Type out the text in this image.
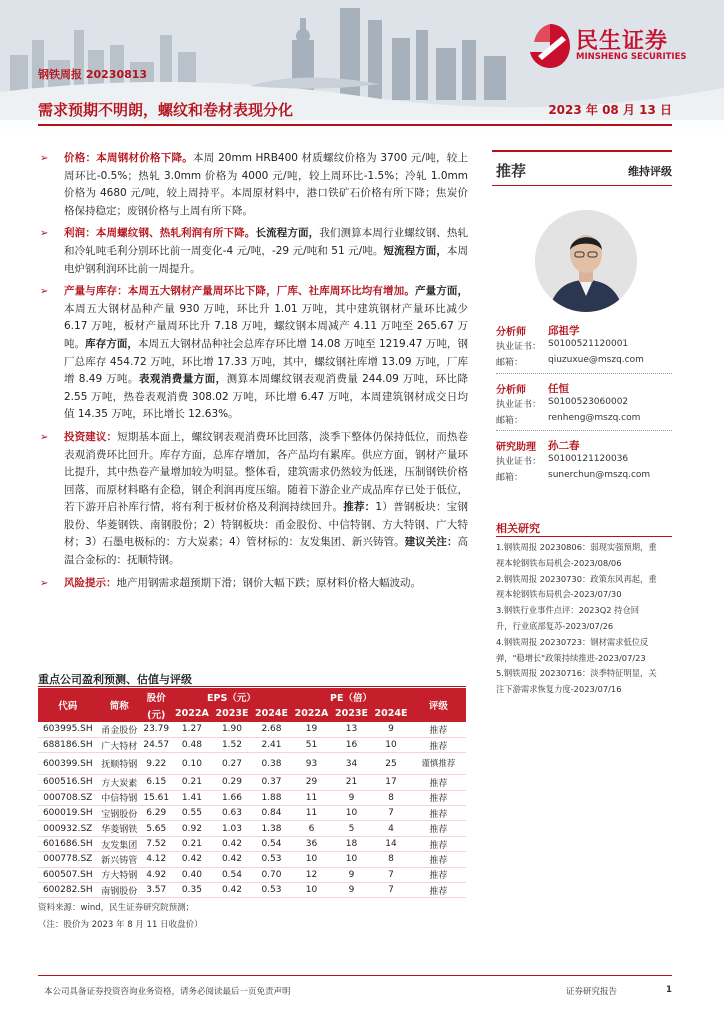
民生证券
MINSHENG SECURITIES
钢铁周报 20230813
需求预期不明朗，螺纹和卷材表现分化	2023 年 08 月 13 日
➢ 价格：本周钢材价格下降。本周 20mm HRB400 材质螺纹价格为 3700 元/吨，较上周环比-0.5%；热轧 3.0mm 价格为 4000 元/吨，较上周环比-1.5%；冷轧 1.0mm 价格为 4680 元/吨，较上周持平。本周原材料中，港口铁矿石价格有所下降；焦炭价格保持稳定；废钢价格与上周有所下降。
➢ 利润：本周螺纹钢、热轧利润有所下降。长流程方面，我们测算本周行业螺纹钢、热轧和冷轧吨毛利分别环比前一周变化-4 元/吨，-29 元/吨和 51 元/吨。短流程方面，本周电炉钢利润环比前一周提升。
➢ 产量与库存：本周五大钢材产量周环比下降，厂库、社库周环比均有增加。产量方面，本周五大钢材品种产量 930 万吨，环比升 1.01 万吨，其中建筑钢材产量环比减少 6.17 万吨，板材产量周环比升 7.18 万吨，螺纹钢本周减产 4.11 万吨至 265.67 万吨。库存方面，本周五大钢材品种社会总库存环比增 14.08 万吨至 1219.47 万吨，钢厂总库存 454.72 万吨，环比增 17.33 万吨，其中，螺纹钢社库增 13.09 万吨，厂库增 8.49 万吨。表观消费量方面，测算本周螺纹钢表观消费量 244.09 万吨，环比降 2.55 万吨，热卷表观消费 308.02 万吨，环比增 6.47 万吨，本周建筑钢材成交日均值 14.35 万吨，环比增长 12.63%。
➢ 投资建议：短期基本面上，螺纹钢表观消费环比回落，淡季下整体仍保持低位，而热卷表观消费环比回升。库存方面，总库存增加，各产品均有累库。供应方面，钢材产量环比提升，其中热卷产量增加较为明显。整体看，建筑需求仍然较为低迷，压制钢铁价格回落，而原材料略有企稳，钢企利润再度压缩。随着下游企业产成品库存已处于低位，若下游开启补库行情，将有利于板材价格及利润持续回升。推荐：1）普钢板块：宝钢股份、华菱钢铁、南钢股份；2）特钢板块：甬金股份、中信特钢、方大特钢、广大特材；3）石墨电极标的：方大炭素；4）管材标的：友发集团、新兴铸管。建议关注：高温合金标的：抚顺特钢。
➢ 风险提示：地产用钢需求超预期下滑；钢价大幅下跌；原材料价格大幅波动。
重点公司盈利预测、估值与评级
代码	简称	股价	EPS（元）			PE（倍）			评级
		(元)	2022A	2023E	2024E	2022A	2023E	2024E	
603995.SH	甬金股份	23.79	1.27	1.90	2.68	19	13	9	推荐
688186.SH	广大特材	24.57	0.48	1.52	2.41	51	16	10	推荐
600399.SH	抚顺特钢	9.22	0.10	0.27	0.38	93	34	25	谨慎推荐
600516.SH	方大炭素	6.15	0.21	0.29	0.37	29	21	17	推荐
000708.SZ	中信特钢	15.61	1.41	1.66	1.88	11	9	8	推荐
600019.SH	宝钢股份	6.29	0.55	0.63	0.84	11	10	7	推荐
000932.SZ	华菱钢铁	5.65	0.92	1.03	1.38	6	5	4	推荐
601686.SH	友发集团	7.52	0.21	0.42	0.54	36	18	14	推荐
000778.SZ	新兴铸管	4.12	0.42	0.42	0.53	10	10	8	推荐
600507.SH	方大特钢	4.92	0.40	0.54	0.70	12	9	7	推荐
600282.SH	南钢股份	3.57	0.35	0.42	0.53	10	9	7	推荐
资料来源：wind，民生证券研究院预测；
（注：股价为 2023 年 8 月 11 日收盘价）
推荐	维持评级
分析师 邱祖学
执业证书： S0100521120001
邮箱：	qiuzuxue@mszq.com
分析师 任恒
执业证书： S0100523060002
邮箱：	renheng@mszq.com
研究助理 孙二春
执业证书： S0100121120036
邮箱：	sunerchun@mszq.com
相关研究
1.钢铁周报 20230806：弱现实强预期，重
视本轮钢铁布局机会-2023/08/06
2.钢铁周报 20230730：政策东风再起，重
视本轮钢铁布局机会-2023/07/30
3.钢铁行业事件点评：2023Q2 持仓回
升，行业底部复苏-2023/07/26
4.钢铁周报 20230723：钢材需求低位反
弹，"稳增长"政策持续推进-2023/07/23
5.钢铁周报 20230716：淡季特征明显，关
注下游需求恢复力度-2023/07/16
本公司具备证券投资咨询业务资格，请务必阅读最后一页免责声明	证券研究报告	1
